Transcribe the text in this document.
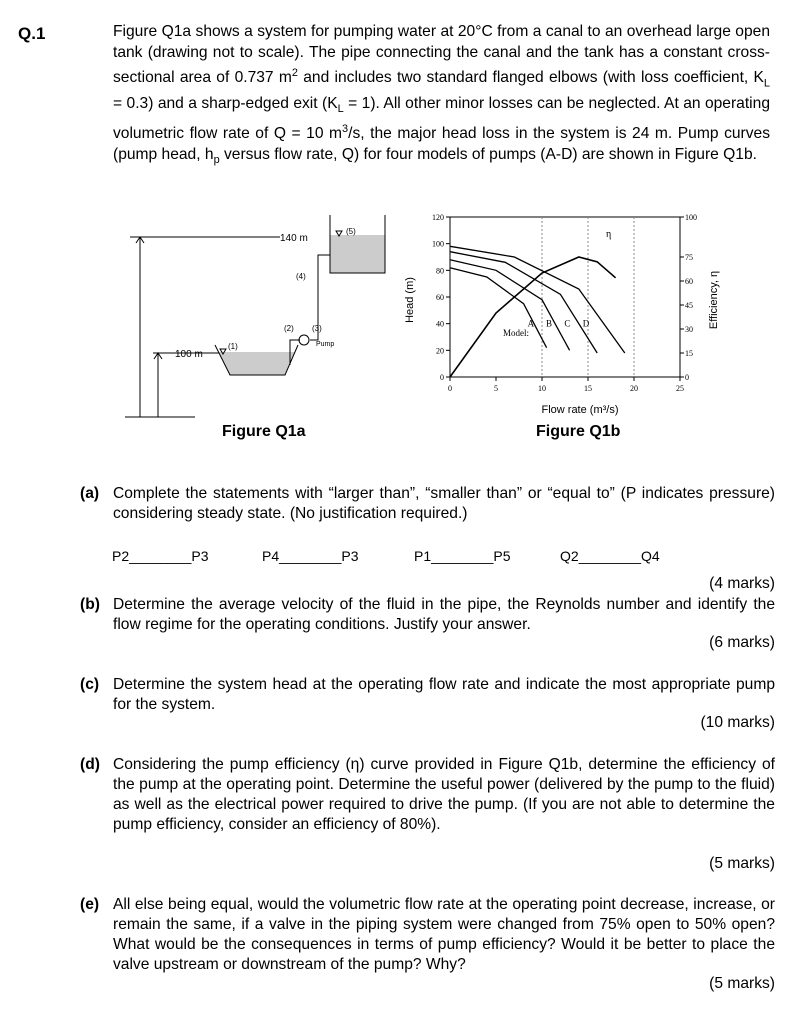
Q.1	Figure Q1a shows a system for pumping water at 20°C from a canal to an overhead large open tank (drawing not to scale). The pipe connecting the canal and the tank has a constant cross-sectional area of 0.737 $m^2$ and includes two standard flanged elbows (with loss coefficient, $K_L = 0.3$) and a sharp-edged exit $(K_L = 1)$. All other minor losses can be neglected. At an operating volumetric flow rate of Q = 10 $m^3/s$, the major head loss in the system is 24 m. Pump curves (pump head, $h_p$ versus flow rate, Q) for four models of pumps (A-D) are shown in Figure Q1b.

140 m
100 m
(1)
(2) (3)
(4)
(5)
Pump
Figure Q1a
Flow rate (m³/s)
Head (m)	Efficiency, η
η
Model:
0	5	10	15	20	25
0
20
40
60
80
100
120
0
15
30
45
60
75
100
A B C D
Figure Q1b
(a) Complete the statements with “larger than”, “smaller than” or “equal to” (P indicates pressure) considering steady state. (No justification required.)
P2________P3	P4________P3	P1________P5	Q2________Q4
(4 marks)
(b) Determine the average velocity of the fluid in the pipe, the Reynolds number and identify the flow regime for the operating conditions. Justify your answer.
(6 marks)
(c) Determine the system head at the operating flow rate and indicate the most appropriate pump for the system.
(10 marks)
(d) Considering the pump efficiency (η) curve provided in Figure Q1b, determine the efficiency of the pump at the operating point. Determine the useful power (delivered by the pump to the fluid) as well as the electrical power required to drive the pump. (If you are not able to determine the pump efficiency, consider an efficiency of 80%).
(5 marks)
(e) All else being equal, would the volumetric flow rate at the operating point decrease, increase, or remain the same, if a valve in the piping system were changed from 75% open to 50% open? What would be the consequences in terms of pump efficiency? Would it be better to place the valve upstream or downstream of the pump? Why?
(5 marks)
